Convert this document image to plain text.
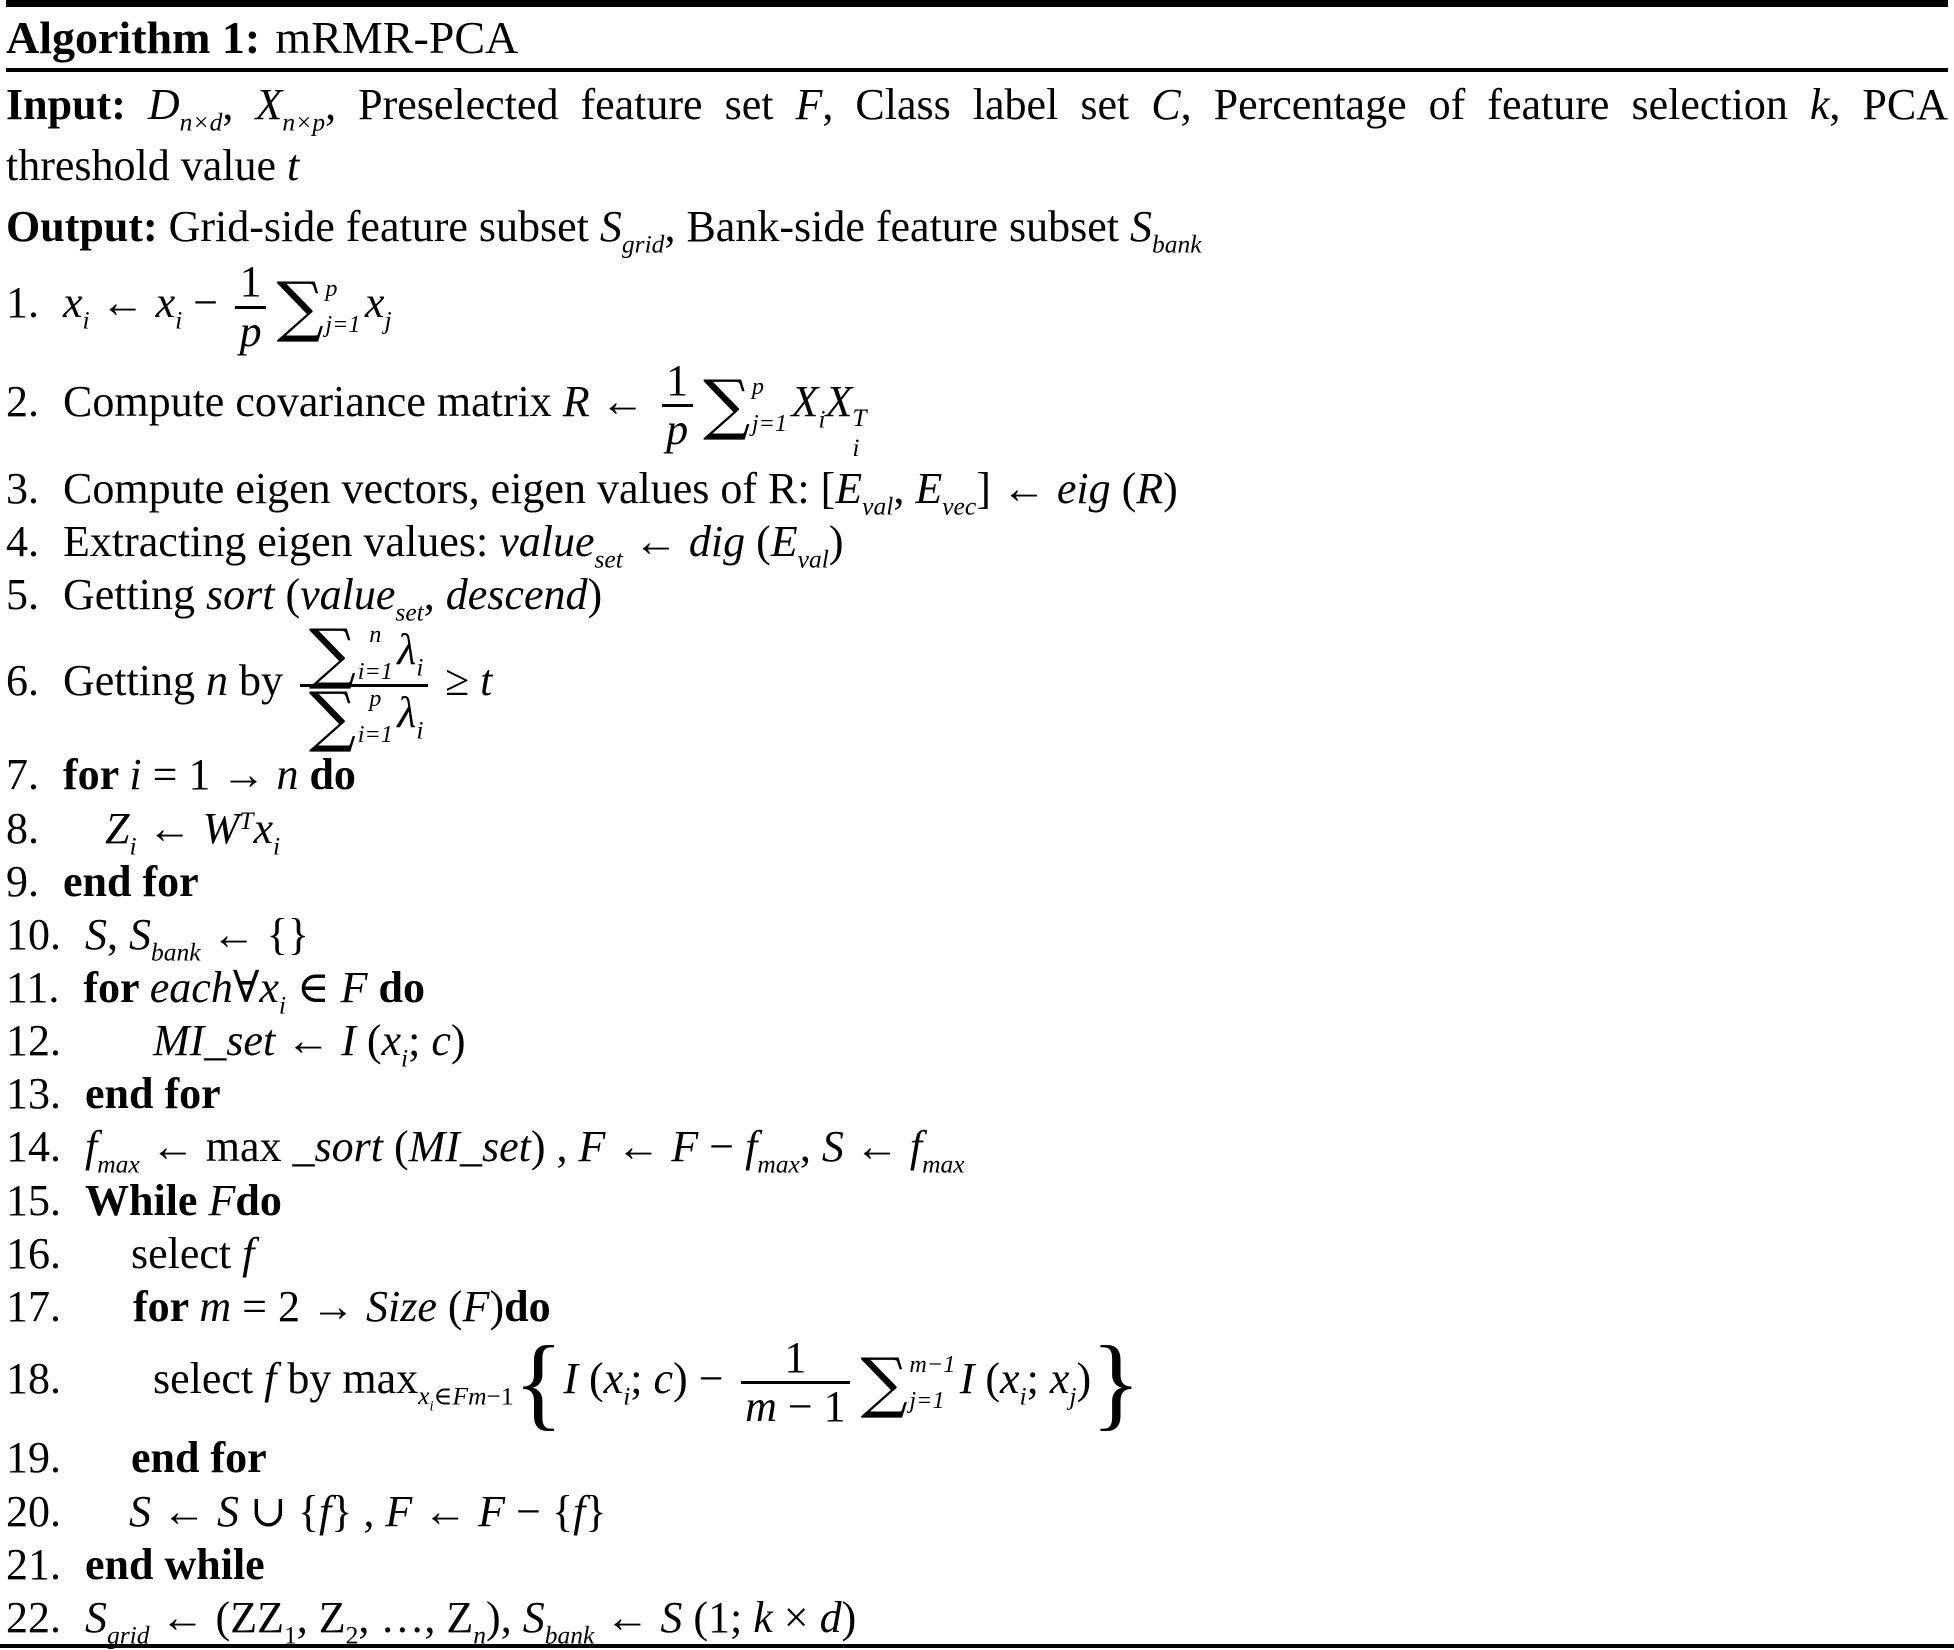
Algorithm 1: mRMR-PCA
Input: $D_{n\times d}$, $X_{n\times p}$, Preselected feature set F, Class label set C, Percentage of feature selection k, PCA
threshold value t
Output: Grid-side feature subset $S_{grid}$, Bank-side feature subset $S_{bank}$
1. $x_i$ ← $x_i - \frac{1}{p}$ ∑ p
j=1 $x_j$
2. Compute covariance matrix R ← $\frac{1}{p}$ ∑ p
j=1 $X_iX$ T
i
3. Compute eigen vectors, eigen values of R: [$E_{val}$, $E_{vec}$] ← eig (R)
4. Extracting eigen values: value$_{set}$ ← dig $(E_{val})$
5. Getting sort (value$_{set}$, descend)
6. Getting n by ∑ n
i=1 $\lambda_i$
∑ p
i=1 $\lambda_i \ge t$
7. for i = 1 → n do
8. $Z_i$ ← $W^Tx_i$
9. end for
10. S, $S_{bank}$ ← {}
11. for $each\forall x_i$ ∈ F do
12. MI_set ← I ($x_i$; c)
13. end for
14. $f_{max}$ ← max _sort (MI_set) , F ← $F - f_{max}$, S ← $f_{max}$
15. While Fdo
16. select f
17. for m = 2 → Size (F)do
18. select f by $\max_{x_i\in Fm-1}\{I$ ($x_i$; $c) - \frac{1}{m - 1}$ ∑ m−1
j=1 I ($x_i$; $x_j$)}
19. end for
20. S ← S ∪ {f} , F ← F − {f}
21. end while
22. $S_{grid}$ ← ($ZZ_1$, $Z_2$, …, $Z_n$), $S_{bank}$ ← S (1; k × d)
